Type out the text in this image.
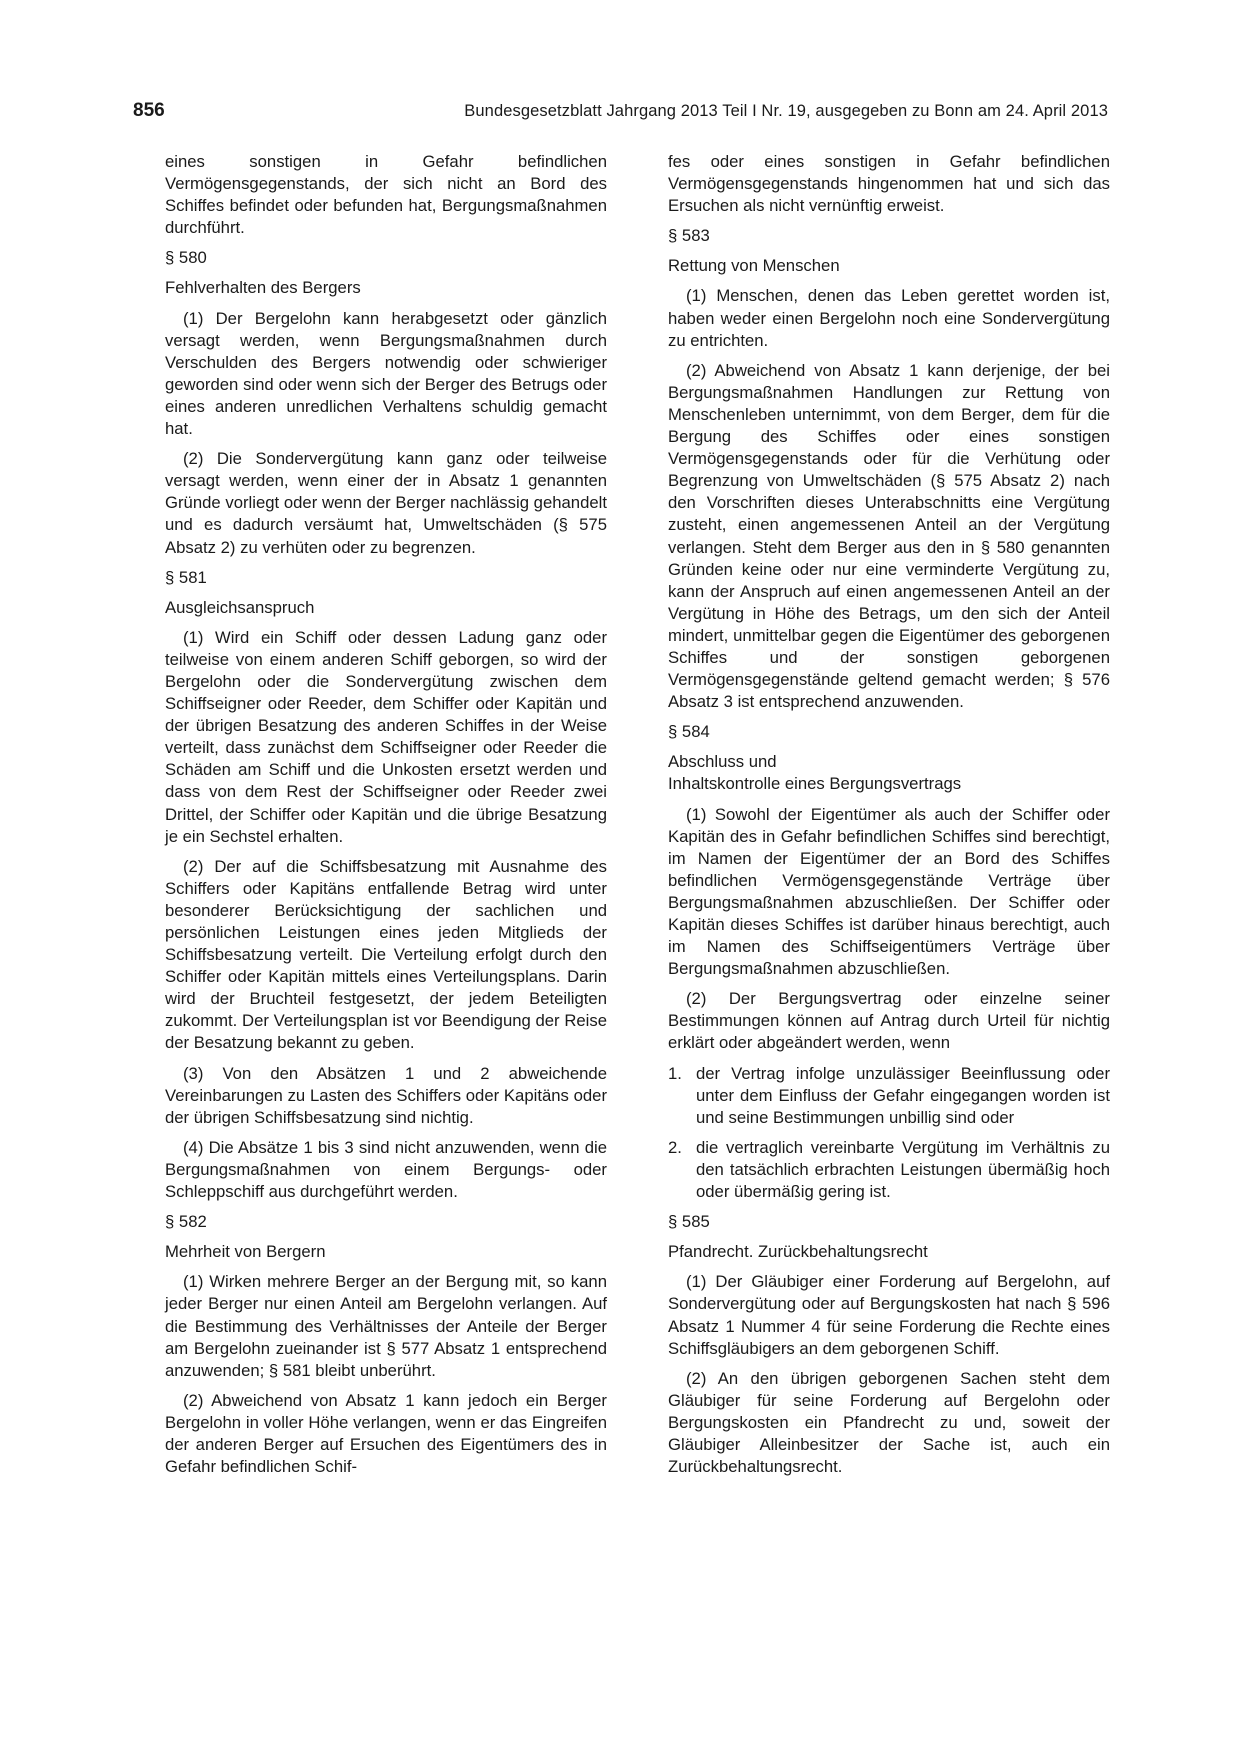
856	Bundesgesetzblatt Jahrgang 2013 Teil I Nr. 19, ausgegeben zu Bonn am 24. April 2013

eines sonstigen in Gefahr befindlichen Vermögensgegenstands, der sich nicht an Bord des Schiffes befindet oder befunden hat, Bergungsmaßnahmen durchführt.

§ 580

Fehlverhalten des Bergers

(1) Der Bergelohn kann herabgesetzt oder gänzlich versagt werden, wenn Bergungsmaßnahmen durch Verschulden des Bergers notwendig oder schwieriger geworden sind oder wenn sich der Berger des Betrugs oder eines anderen unredlichen Verhaltens schuldig gemacht hat.

(2) Die Sondervergütung kann ganz oder teilweise versagt werden, wenn einer der in Absatz 1 genannten Gründe vorliegt oder wenn der Berger nachlässig gehandelt und es dadurch versäumt hat, Umweltschäden (§ 575 Absatz 2) zu verhüten oder zu begrenzen.

§ 581

Ausgleichsanspruch

(1) Wird ein Schiff oder dessen Ladung ganz oder teilweise von einem anderen Schiff geborgen, so wird der Bergelohn oder die Sondervergütung zwischen dem Schiffseigner oder Reeder, dem Schiffer oder Kapitän und der übrigen Besatzung des anderen Schiffes in der Weise verteilt, dass zunächst dem Schiffseigner oder Reeder die Schäden am Schiff und die Unkosten ersetzt werden und dass von dem Rest der Schiffseigner oder Reeder zwei Drittel, der Schiffer oder Kapitän und die übrige Besatzung je ein Sechstel erhalten.

(2) Der auf die Schiffsbesatzung mit Ausnahme des Schiffers oder Kapitäns entfallende Betrag wird unter besonderer Berücksichtigung der sachlichen und persönlichen Leistungen eines jeden Mitglieds der Schiffsbesatzung verteilt. Die Verteilung erfolgt durch den Schiffer oder Kapitän mittels eines Verteilungsplans. Darin wird der Bruchteil festgesetzt, der jedem Beteiligten zukommt. Der Verteilungsplan ist vor Beendigung der Reise der Besatzung bekannt zu geben.

(3) Von den Absätzen 1 und 2 abweichende Vereinbarungen zu Lasten des Schiffers oder Kapitäns oder der übrigen Schiffsbesatzung sind nichtig.

(4) Die Absätze 1 bis 3 sind nicht anzuwenden, wenn die Bergungsmaßnahmen von einem Bergungs- oder Schleppschiff aus durchgeführt werden.

§ 582

Mehrheit von Bergern

(1) Wirken mehrere Berger an der Bergung mit, so kann jeder Berger nur einen Anteil am Bergelohn verlangen. Auf die Bestimmung des Verhältnisses der Anteile der Berger am Bergelohn zueinander ist § 577 Absatz 1 entsprechend anzuwenden; § 581 bleibt unberührt.

(2) Abweichend von Absatz 1 kann jedoch ein Berger Bergelohn in voller Höhe verlangen, wenn er das Eingreifen der anderen Berger auf Ersuchen des Eigentümers des in Gefahr befindlichen Schif-

fes oder eines sonstigen in Gefahr befindlichen Vermögensgegenstands hingenommen hat und sich das Ersuchen als nicht vernünftig erweist.

§ 583

Rettung von Menschen

(1) Menschen, denen das Leben gerettet worden ist, haben weder einen Bergelohn noch eine Sondervergütung zu entrichten.

(2) Abweichend von Absatz 1 kann derjenige, der bei Bergungsmaßnahmen Handlungen zur Rettung von Menschenleben unternimmt, von dem Berger, dem für die Bergung des Schiffes oder eines sonstigen Vermögensgegenstands oder für die Verhütung oder Begrenzung von Umweltschäden (§ 575 Absatz 2) nach den Vorschriften dieses Unterabschnitts eine Vergütung zusteht, einen angemessenen Anteil an der Vergütung verlangen. Steht dem Berger aus den in § 580 genannten Gründen keine oder nur eine verminderte Vergütung zu, kann der Anspruch auf einen angemessenen Anteil an der Vergütung in Höhe des Betrags, um den sich der Anteil mindert, unmittelbar gegen die Eigentümer des geborgenen Schiffes und der sonstigen geborgenen Vermögensgegenstände geltend gemacht werden; § 576 Absatz 3 ist entsprechend anzuwenden.

§ 584

Abschluss und

Inhaltskontrolle eines Bergungsvertrags

(1) Sowohl der Eigentümer als auch der Schiffer oder Kapitän des in Gefahr befindlichen Schiffes sind berechtigt, im Namen der Eigentümer der an Bord des Schiffes befindlichen Vermögensgegenstände Verträge über Bergungsmaßnahmen abzuschließen. Der Schiffer oder Kapitän dieses Schiffes ist darüber hinaus berechtigt, auch im Namen des Schiffseigentümers Verträge über Bergungsmaßnahmen abzuschließen.

(2) Der Bergungsvertrag oder einzelne seiner Bestimmungen können auf Antrag durch Urteil für nichtig erklärt oder abgeändert werden, wenn

1. der Vertrag infolge unzulässiger Beeinflussung oder unter dem Einfluss der Gefahr eingegangen worden ist und seine Bestimmungen unbillig sind oder
2. die vertraglich vereinbarte Vergütung im Verhältnis zu den tatsächlich erbrachten Leistungen übermäßig hoch oder übermäßig gering ist.

§ 585

Pfandrecht. Zurückbehaltungsrecht

(1) Der Gläubiger einer Forderung auf Bergelohn, auf Sondervergütung oder auf Bergungskosten hat nach § 596 Absatz 1 Nummer 4 für seine Forderung die Rechte eines Schiffsgläubigers an dem geborgenen Schiff.

(2) An den übrigen geborgenen Sachen steht dem Gläubiger für seine Forderung auf Bergelohn oder Bergungskosten ein Pfandrecht zu und, soweit der Gläubiger Alleinbesitzer der Sache ist, auch ein Zurückbehaltungsrecht.
